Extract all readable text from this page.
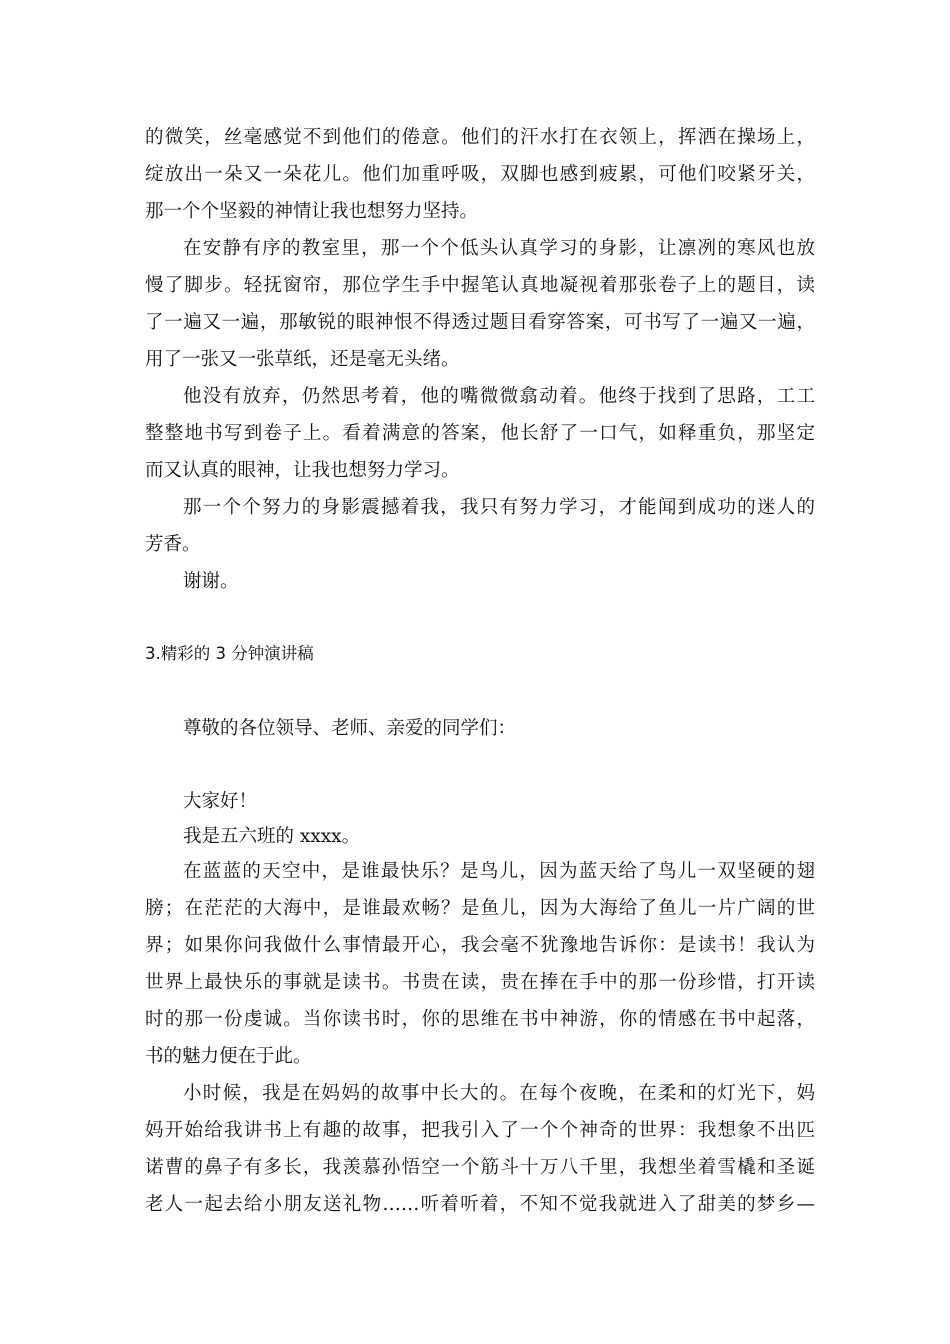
的微笑，丝毫感觉不到他们的倦意。他们的汗水打在衣领上，挥洒在操场上，
绽放出一朵又一朵花儿。他们加重呼吸，双脚也感到疲累，可他们咬紧牙关，
那一个个坚毅的神情让我也想努力坚持。
在安静有序的教室里，那一个个低头认真学习的身影，让凛冽的寒风也放
慢了脚步。轻抚窗帘，那位学生手中握笔认真地凝视着那张卷子上的题目，读
了一遍又一遍，那敏锐的眼神恨不得透过题目看穿答案，可书写了一遍又一遍，
用了一张又一张草纸，还是毫无头绪。
他没有放弃，仍然思考着，他的嘴微微翕动着。他终于找到了思路，工工
整整地书写到卷子上。看着满意的答案，他长舒了一口气，如释重负，那坚定
而又认真的眼神，让我也想努力学习。
那一个个努力的身影震撼着我，我只有努力学习，才能闻到成功的迷人的
芳香。
谢谢。
3.精彩的 3 分钟演讲稿
尊敬的各位领导、老师、亲爱的同学们：
大家好！
我是五六班的 xxxx。
在蓝蓝的天空中，是谁最快乐？是鸟儿，因为蓝天给了鸟儿一双坚硬的翅
膀；在茫茫的大海中，是谁最欢畅？是鱼儿，因为大海给了鱼儿一片广阔的世
界；如果你问我做什么事情最开心，我会毫不犹豫地告诉你：是读书！我认为
世界上最快乐的事就是读书。书贵在读，贵在捧在手中的那一份珍惜，打开读
时的那一份虔诚。当你读书时，你的思维在书中神游，你的情感在书中起落，
书的魅力便在于此。
小时候，我是在妈妈的故事中长大的。在每个夜晚，在柔和的灯光下，妈
妈开始给我讲书上有趣的故事，把我引入了一个个神奇的世界：我想象不出匹
诺曹的鼻子有多长，我羡慕孙悟空一个筋斗十万八千里，我想坐着雪橇和圣诞
老人一起去给小朋友送礼物……听着听着，不知不觉我就进入了甜美的梦乡—
